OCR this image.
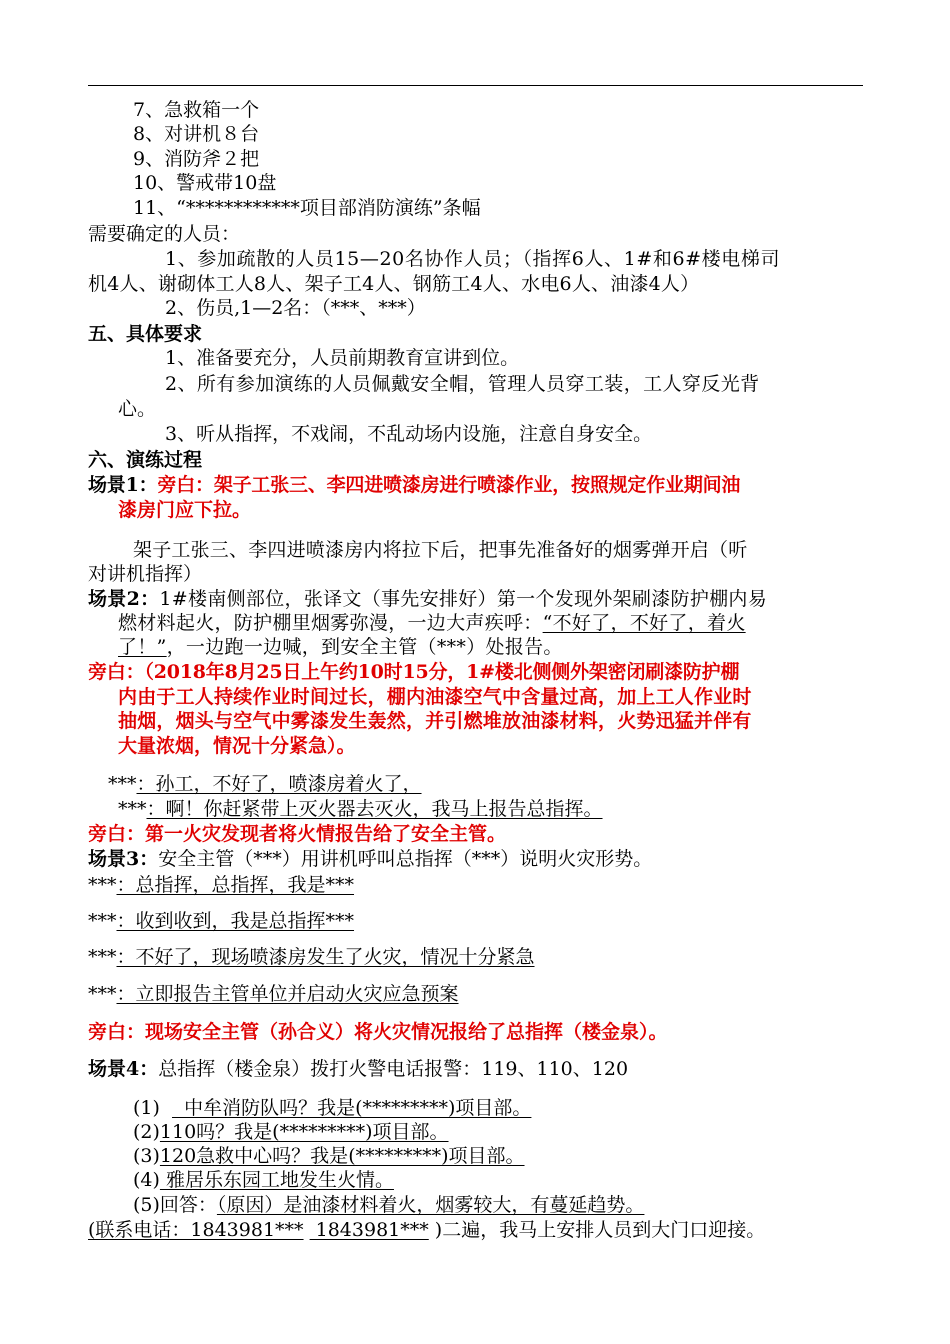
7、急救箱一个
8、对讲机８台
9、消防斧２把
10、警戒带10盘
11、“************项目部消防演练”条幅
需要确定的人员：
1、参加疏散的人员15—20名协作人员；（指挥6人、1#和6#楼电梯司
机4人、谢砌体工人8人、架子工4人、钢筋工4人、水电6人、油漆4人）
2、伤员,1—2名：（***、***）
五、具体要求
1、准备要充分，人员前期教育宣讲到位。
2、所有参加演练的人员佩戴安全帽，管理人员穿工装，工人穿反光背
心。
3、听从指挥，不戏闹，不乱动场内设施，注意自身安全。
六、演练过程
场景1：旁白：架子工张三、李四进喷漆房进行喷漆作业，按照规定作业期间油
漆房门应下拉。
架子工张三、李四进喷漆房内将拉下后，把事先准备好的烟雾弹开启（听
对讲机指挥）
场景2：1#楼南侧部位，张译文（事先安排好）第一个发现外架刷漆防护棚内易
燃材料起火，防护棚里烟雾弥漫，一边大声疾呼：“不好了，不好了，着火
了！”，一边跑一边喊，到安全主管（***）处报告。
旁白：（2018年8月25日上午约10时15分，1#楼北侧侧外架密闭刷漆防护棚
内由于工人持续作业时间过长，棚内油漆空气中含量过高，加上工人作业时
抽烟，烟头与空气中雾漆发生轰然，并引燃堆放油漆材料，火势迅猛并伴有
大量浓烟，情况十分紧急）。
***：孙工，不好了，喷漆房着火了，
***：啊！你赶紧带上灭火器去灭火，我马上报告总指挥。
旁白：第一火灾发现者将火情报告给了安全主管。
场景3：安全主管（***）用讲机呼叫总指挥（***）说明火灾形势。
***：总指挥，总指挥，我是***
***：收到收到，我是总指挥***
***：不好了，现场喷漆房发生了火灾，情况十分紧急
***：立即报告主管单位并启动火灾应急预案
旁白：现场安全主管（孙合义）将火灾情况报给了总指挥（楼金泉）。
场景4：总指挥（楼金泉）拨打火警电话报警：119、110、120
(1)    中牟消防队吗？我是(*********)项目部。
(2)110吗？我是(*********)项目部。
(3)120急救中心吗？我是(*********)项目部。
(4) 雅居乐东园工地发生火情。
(5)回答：（原因）是油漆材料着火，烟雾较大，有蔓延趋势。
(联系电话：1843981***  1843981*** )二遍，我马上安排人员到大门口迎接。
